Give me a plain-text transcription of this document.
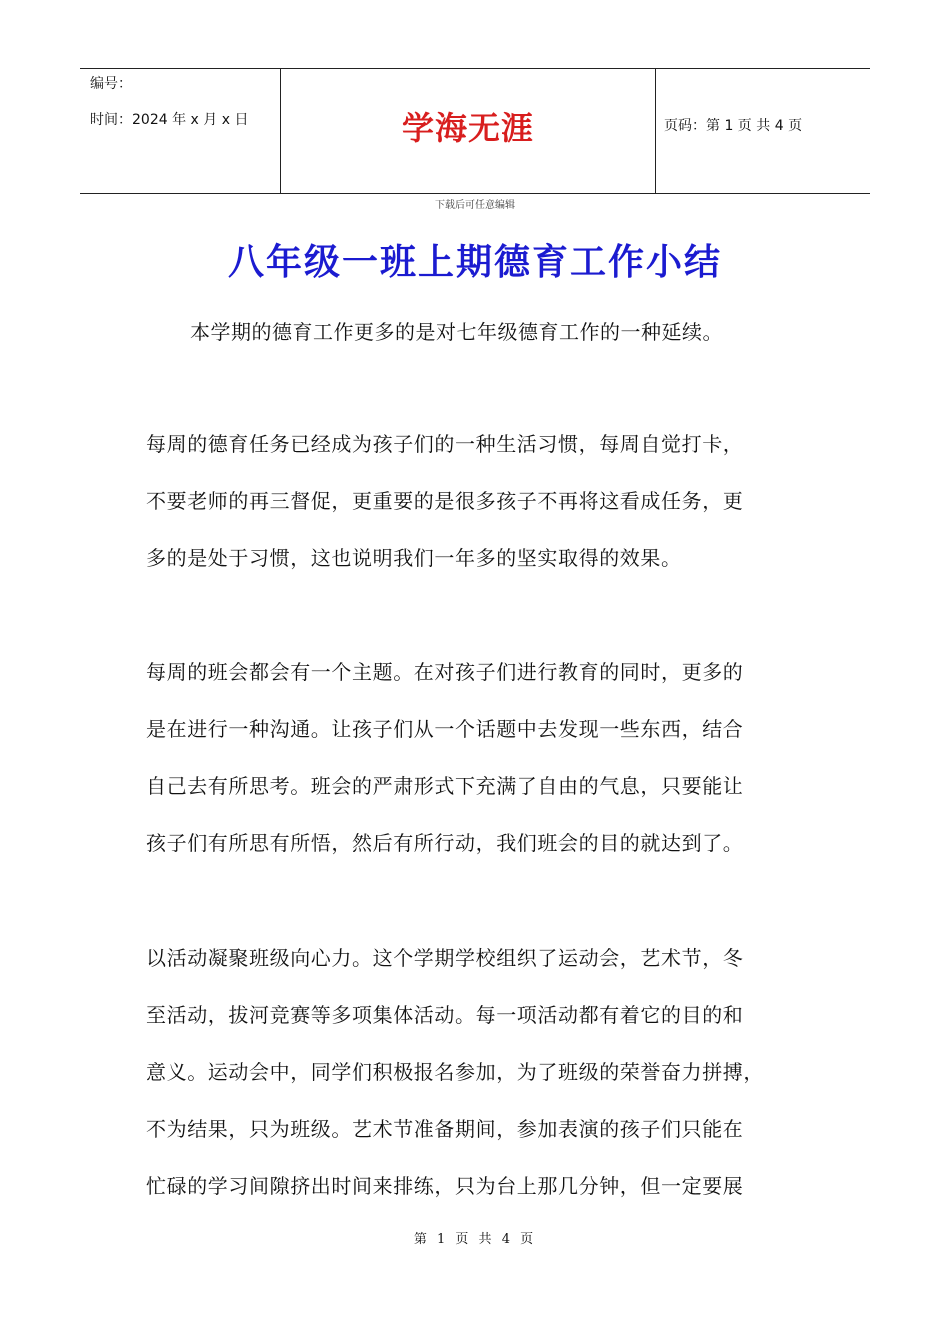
编号：
时间：2024 年 x 月 x 日	学海无涯	页码：第 1 页 共 4 页
下载后可任意编辑
八年级一班上期德育工作小结
本学期的德育工作更多的是对七年级德育工作的一种延续。
每周的德育任务已经成为孩子们的一种生活习惯，每周自觉打卡，
不要老师的再三督促，更重要的是很多孩子不再将这看成任务，更
多的是处于习惯，这也说明我们一年多的坚实取得的效果。
每周的班会都会有一个主题。在对孩子们进行教育的同时，更多的
是在进行一种沟通。让孩子们从一个话题中去发现一些东西，结合
自己去有所思考。班会的严肃形式下充满了自由的气息，只要能让
孩子们有所思有所悟，然后有所行动，我们班会的目的就达到了。
以活动凝聚班级向心力。这个学期学校组织了运动会，艺术节，冬
至活动，拔河竞赛等多项集体活动。每一项活动都有着它的目的和
意义。运动会中，同学们积极报名参加，为了班级的荣誉奋力拼搏，
不为结果，只为班级。艺术节准备期间，参加表演的孩子们只能在
忙碌的学习间隙挤出时间来排练，只为台上那几分钟，但一定要展
第 1 页 共 4 页
